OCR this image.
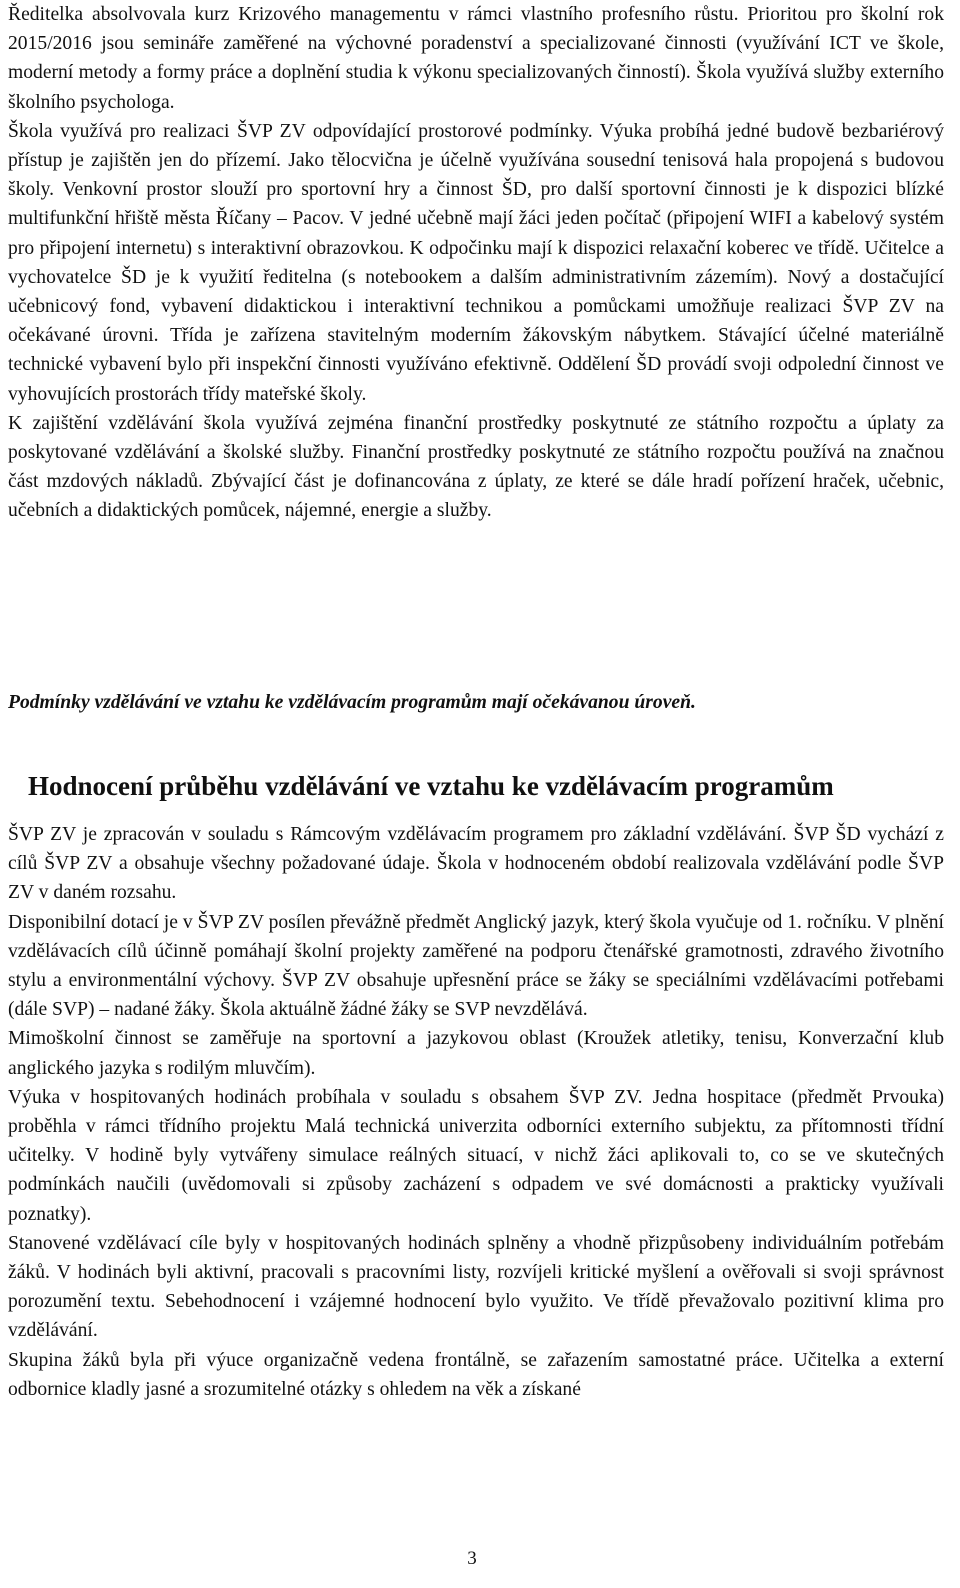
Ředitelka absolvovala kurz Krizového managementu v rámci vlastního profesního růstu. Prioritou pro školní rok 2015/2016 jsou semináře zaměřené na výchovné poradenství a specializované činnosti (využívání ICT ve škole, moderní metody a formy práce a doplnění studia k výkonu specializovaných činností). Škola využívá služby externího školního psychologa.

Škola využívá pro realizaci ŠVP ZV odpovídající prostorové podmínky. Výuka probíhá jedné budově bezbariérový přístup je zajištěn jen do přízemí. Jako tělocvična je účelně využívána sousední tenisová hala propojená s budovou školy. Venkovní prostor slouží pro sportovní hry a činnost ŠD, pro další sportovní činnosti je k dispozici blízké multifunkční hřiště města Říčany – Pacov. V jedné učebně mají žáci jeden počítač (připojení WIFI a kabelový systém pro připojení internetu) s interaktivní obrazovkou. K odpočinku mají k dispozici relaxační koberec ve třídě. Učitelce a vychovatelce ŠD je k využití ředitelna (s notebookem a dalším administrativním zázemím). Nový a dostačující učebnicový fond, vybavení didaktickou i interaktivní technikou a pomůckami umožňuje realizaci ŠVP ZV na očekávané úrovni. Třída je zařízena stavitelným moderním žákovským nábytkem. Stávající účelné materiálně technické vybavení bylo při inspekční činnosti využíváno efektivně. Oddělení ŠD provádí svoji odpolední činnost ve vyhovujících prostorách třídy mateřské školy.

K zajištění vzdělávání škola využívá zejména finanční prostředky poskytnuté ze státního rozpočtu a úplaty za poskytované vzdělávání a školské služby. Finanční prostředky poskytnuté ze státního rozpočtu používá na značnou část mzdových nákladů. Zbývající část je dofinancována z úplaty, ze které se dále hradí pořízení hraček, učebnic, učebních a didaktických pomůcek, nájemné, energie a služby.

Podmínky vzdělávání ve vztahu ke vzdělávacím programům mají očekávanou úroveň.

Hodnocení průběhu vzdělávání ve vztahu ke vzdělávacím programům

ŠVP ZV je zpracován v souladu s Rámcovým vzdělávacím programem pro základní vzdělávání. ŠVP ŠD vychází z cílů ŠVP ZV a obsahuje všechny požadované údaje. Škola v hodnoceném období realizovala vzdělávání podle ŠVP ZV v daném rozsahu.

Disponibilní dotací je v ŠVP ZV posílen převážně předmět Anglický jazyk, který škola vyučuje od 1. ročníku. V plnění vzdělávacích cílů účinně pomáhají školní projekty zaměřené na podporu čtenářské gramotnosti, zdravého životního stylu a environmentální výchovy. ŠVP ZV obsahuje upřesnění práce se žáky se speciálními vzdělávacími potřebami (dále SVP) – nadané žáky. Škola aktuálně žádné žáky se SVP nevzdělává.

Mimoškolní činnost se zaměřuje na sportovní a jazykovou oblast (Kroužek atletiky, tenisu, Konverzační klub anglického jazyka s rodilým mluvčím).

Výuka v hospitovaných hodinách probíhala v souladu s obsahem ŠVP ZV. Jedna hospitace (předmět Prvouka) proběhla v rámci třídního projektu Malá technická univerzita odborníci externího subjektu, za přítomnosti třídní učitelky. V hodině byly vytvářeny simulace reálných situací, v nichž žáci aplikovali to, co se ve skutečných podmínkách naučili (uvědomovali si způsoby zacházení s odpadem ve své domácnosti a prakticky využívali poznatky).

Stanovené vzdělávací cíle byly v hospitovaných hodinách splněny a vhodně přizpůsobeny individuálním potřebám žáků. V hodinách byli aktivní, pracovali s pracovními listy, rozvíjeli kritické myšlení a ověřovali si svoji správnost porozumění textu. Sebehodnocení i vzájemné hodnocení bylo využito. Ve třídě převažovalo pozitivní klima pro vzdělávání.

Skupina žáků byla při výuce organizačně vedena frontálně, se zařazením samostatné práce. Učitelka a externí odbornice kladly jasné a srozumitelné otázky s ohledem na věk a získané

3
